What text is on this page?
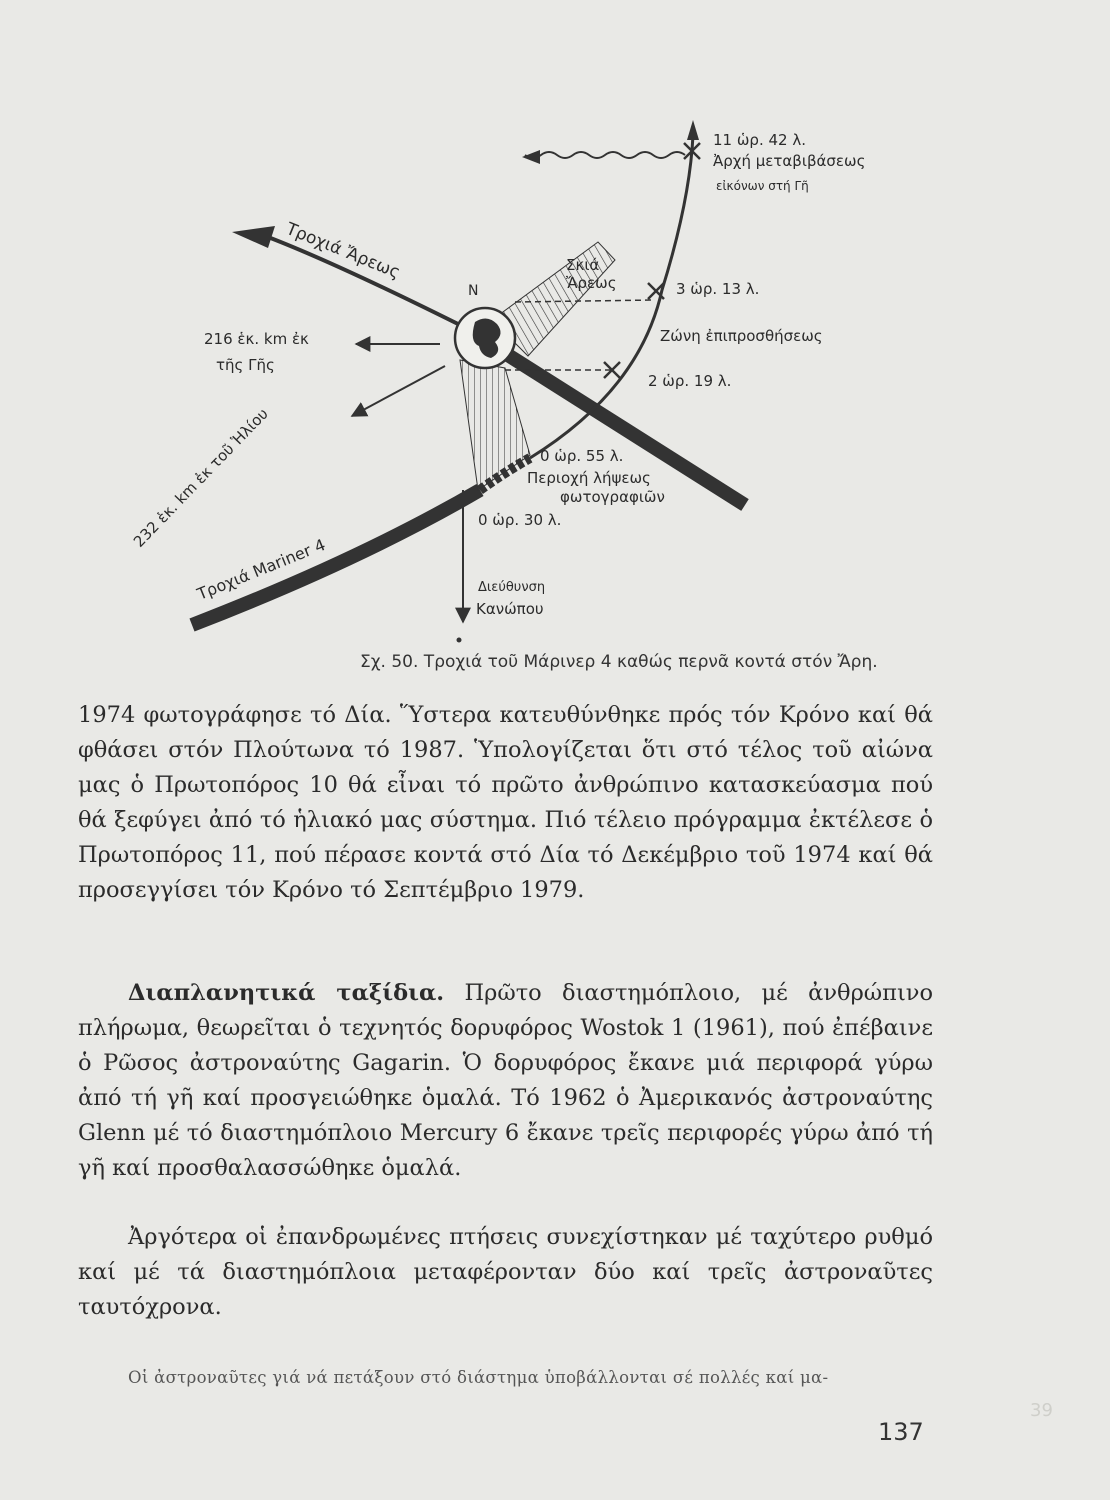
Τροχιά Ἄρεως
Τροχιά Mariner 4
216 ἑκ. km ἐκ
τῆς Γῆς
232 ἑκ. km ἐκ τοῦ Ἡλίου
N
Σκιά
Ἄρεως
11 ὡρ. 42 λ.
Ἀρχή μεταβιβάσεως
εἰκόνων στή Γῆ
3 ὡρ. 13 λ.
Ζώνη ἐπιπροσθήσεως
2 ὡρ. 19 λ.
0 ὡρ. 55 λ.
Περιοχή λήψεως
φωτογραφιῶν
0 ὡρ. 30 λ.
Διεύθυνση
Κανώπου
Σχ. 50. Τροχιά τοῦ Μάρινερ 4 καθώς περνᾶ κοντά στόν Ἄρη.

1974 φωτογράφησε τό Δία. Ὕστερα κατευθύνθηκε πρός τόν Κρόνο καί θά φθάσει στόν Πλούτωνα τό 1987. Ὑπολογίζεται ὅτι στό τέλος τοῦ αἰώνα μας ὁ Πρωτοπόρος 10 θά εἶναι τό πρῶτο ἀνθρώπινο κατασκεύασμα πού θά ξεφύγει ἀπό τό ἡλιακό μας σύστημα. Πιό τέλειο πρόγραμμα ἐκτέλεσε ὁ Πρωτοπόρος 11, πού πέρασε κοντά στό Δία τό Δεκέμβριο τοῦ 1974 καί θά προσεγγίσει τόν Κρόνο τό Σεπτέμβριο 1979.

Διαπλανητικά ταξίδια. Πρῶτο διαστημόπλοιο, μέ ἀνθρώπινο πλήρωμα, θεωρεῖται ὁ τεχνητός δορυφόρος Wostok 1 (1961), πού ἐπέβαινε ὁ Ρῶσος ἀστροναύτης Gagarin. Ὁ δορυφόρος ἔκανε μιά περιφορά γύρω ἀπό τή γῆ καί προσγειώθηκε ὁμαλά. Τό 1962 ὁ Ἀμερικανός ἀστροναύτης Glenn μέ τό διαστημόπλοιο Mercury 6 ἔκανε τρεῖς περιφορές γύρω ἀπό τή γῆ καί προσθαλασσώθηκε ὁμαλά.

Ἀργότερα οἱ ἐπανδρωμένες πτήσεις συνεχίστηκαν μέ ταχύτερο ρυθμό καί μέ τά διαστημόπλοια μεταφέρονταν δύο καί τρεῖς ἀστροναῦτες ταυτόχρονα.

Οἱ ἀστροναῦτες γιά νά πετάξουν στό διάστημα ὑποβάλλονται σέ πολλές καί μα-
137
39
